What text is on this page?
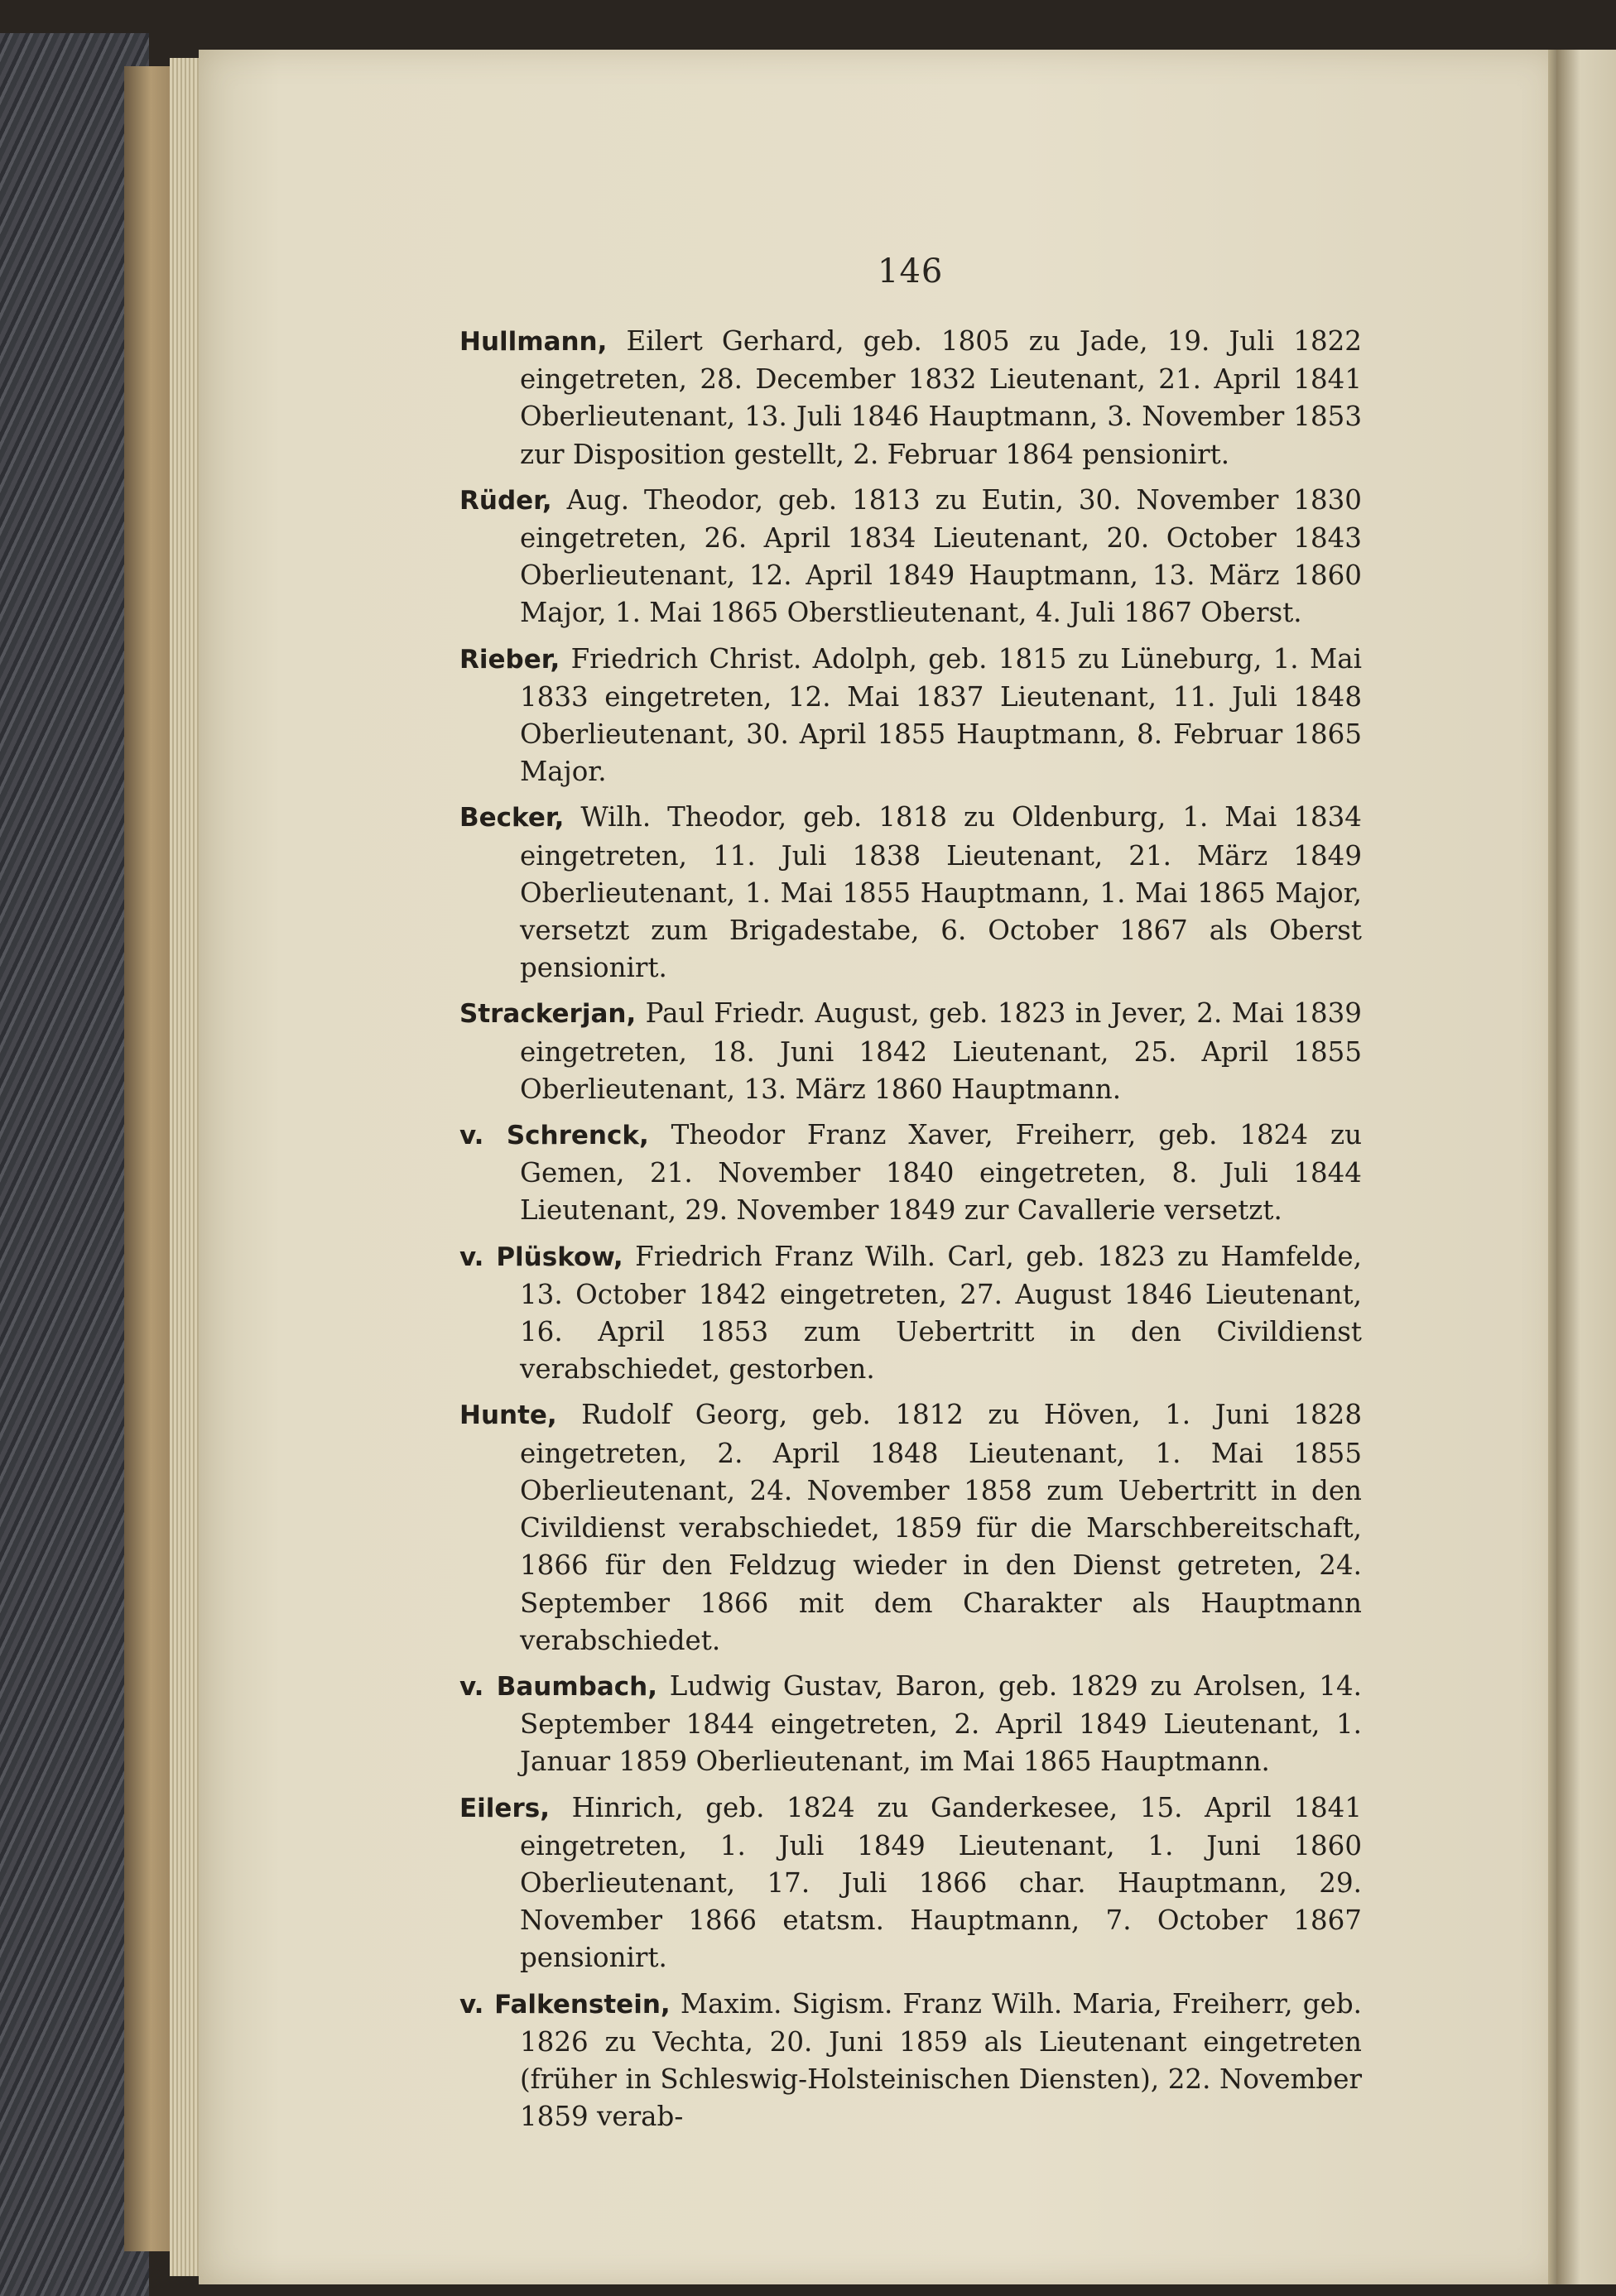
146

Hullmann, Eilert Gerhard, geb. 1805 zu Jade, 19. Juli 1822 eingetreten, 28. December 1832 Lieutenant, 21. April 1841 Oberlieutenant, 13. Juli 1846 Hauptmann, 3. November 1853 zur Disposition gestellt, 2. Februar 1864 pensionirt.

Rüder, Aug. Theodor, geb. 1813 zu Eutin, 30. November 1830 eingetreten, 26. April 1834 Lieutenant, 20. October 1843 Oberlieutenant, 12. April 1849 Hauptmann, 13. März 1860 Major, 1. Mai 1865 Oberstlieutenant, 4. Juli 1867 Oberst.

Rieber, Friedrich Christ. Adolph, geb. 1815 zu Lüneburg, 1. Mai 1833 eingetreten, 12. Mai 1837 Lieutenant, 11. Juli 1848 Oberlieutenant, 30. April 1855 Hauptmann, 8. Februar 1865 Major.

Becker, Wilh. Theodor, geb. 1818 zu Oldenburg, 1. Mai 1834 eingetreten, 11. Juli 1838 Lieutenant, 21. März 1849 Oberlieutenant, 1. Mai 1855 Hauptmann, 1. Mai 1865 Major, versetzt zum Brigadestabe, 6. October 1867 als Oberst pensionirt.

Strackerjan, Paul Friedr. August, geb. 1823 in Jever, 2. Mai 1839 eingetreten, 18. Juni 1842 Lieutenant, 25. April 1855 Oberlieutenant, 13. März 1860 Hauptmann.

v. Schrenck, Theodor Franz Xaver, Freiherr, geb. 1824 zu Gemen, 21. November 1840 eingetreten, 8. Juli 1844 Lieutenant, 29. November 1849 zur Cavallerie versetzt.

v. Plüskow, Friedrich Franz Wilh. Carl, geb. 1823 zu Hamfelde, 13. October 1842 eingetreten, 27. August 1846 Lieutenant, 16. April 1853 zum Uebertritt in den Civildienst verabschiedet, gestorben.

Hunte, Rudolf Georg, geb. 1812 zu Höven, 1. Juni 1828 eingetreten, 2. April 1848 Lieutenant, 1. Mai 1855 Oberlieutenant, 24. November 1858 zum Uebertritt in den Civildienst verabschiedet, 1859 für die Marschbereitschaft, 1866 für den Feldzug wieder in den Dienst getreten, 24. September 1866 mit dem Charakter als Hauptmann verabschiedet.

v. Baumbach, Ludwig Gustav, Baron, geb. 1829 zu Arolsen, 14. September 1844 eingetreten, 2. April 1849 Lieutenant, 1. Januar 1859 Oberlieutenant, im Mai 1865 Hauptmann.

Eilers, Hinrich, geb. 1824 zu Ganderkesee, 15. April 1841 eingetreten, 1. Juli 1849 Lieutenant, 1. Juni 1860 Oberlieutenant, 17. Juli 1866 char. Hauptmann, 29. November 1866 etatsm. Hauptmann, 7. October 1867 pensionirt.

v. Falkenstein, Maxim. Sigism. Franz Wilh. Maria, Freiherr, geb. 1826 zu Vechta, 20. Juni 1859 als Lieutenant eingetreten (früher in Schleswig-Holsteinischen Diensten), 22. November 1859 verab-
